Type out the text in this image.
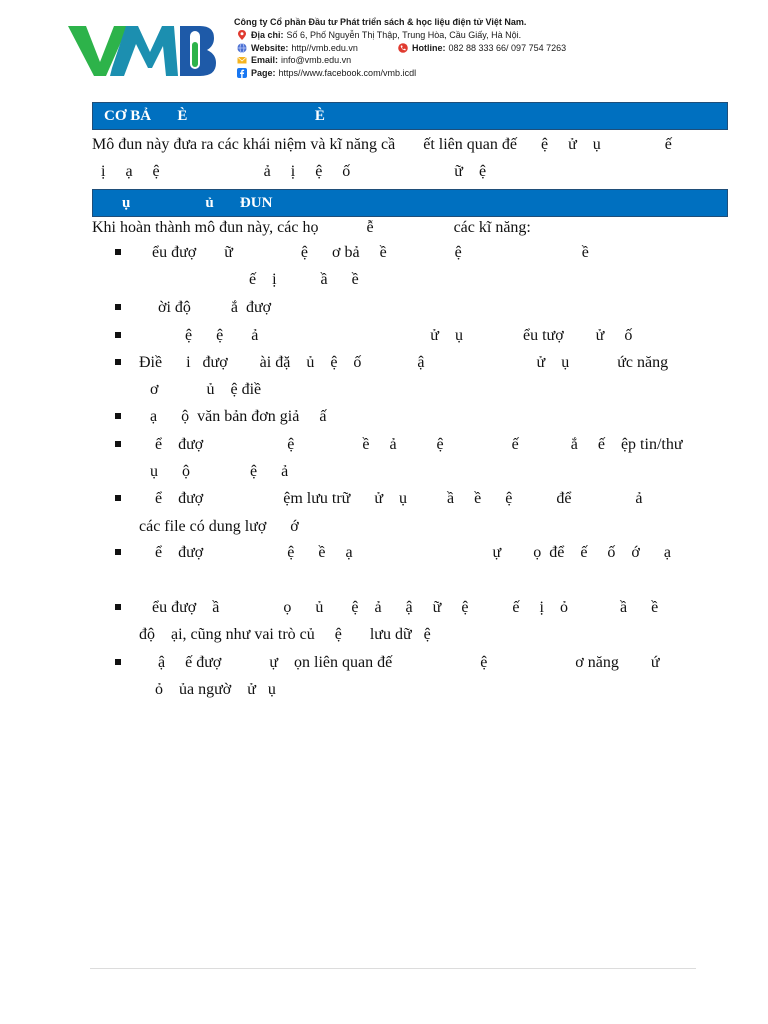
Công ty Cổ phần Đầu tư Phát triển sách & học liệu điện tử Việt Nam.
Địa chỉ: Số 6, Phố Nguyễn Thị Thập, Trung Hòa, Cầu Giấy, Hà Nội.
Website: http//vmb.edu.vn	Hotline: 082 88 333 66/ 097 754 7263
Email: info@vmb.edu.vn
Page: https//www.facebook.com/vmb.icdl
CƠ BẢ       È                                  È
Mô đun này đưa ra các khái niệm và kĩ năng cầ       ết liên quan đế      ệ     ử    ụ                ế
ị     ạ     ệ                          ả     ị     ệ     ố                          ữ    ệ
ụ                    ủ       ĐUN
Khi hoàn thành mô đun này, các họ            ễ                    các kĩ năng:
ểu đượ       ữ                 ệ      ơ bả     ề                 ệ                              ề
ế    ị           ầ      ề
ời độ          ắ  đượ
ệ      ệ       ả                                           ử    ụ               ểu tượ        ử     ố
Điề      i   đượ        ài đặ    ủ    ệ    ố              ậ                            ử    ụ            ức năng
ơ            ủ    ệ điề
ạ      ộ  văn bản đơn giả     ấ
ể    đượ                     ệ                 ề     ả          ệ                 ế             ắ     ế    ệp tin/thư
ụ      ộ               ệ      ả
ể    đượ                    ệm lưu trữ      ử    ụ          ầ     ề      ệ           để                ả
các file có dung lượ      ớ
ể    đượ                     ệ      ề     ạ                                   ự        ọ  để    ế     ố    ớ      ạ
ểu đượ    ầ                ọ      ủ       ệ    ả      ậ     ữ     ệ           ế     ị    ỏ             ầ      ề
độ    ại, cũng như vai trò củ     ệ       lưu dữ   ệ
ậ     ế đượ            ự    ọn liên quan đế                      ệ                      ơ năng        ứ
ỏ    ủa ngườ    ử   ụ
